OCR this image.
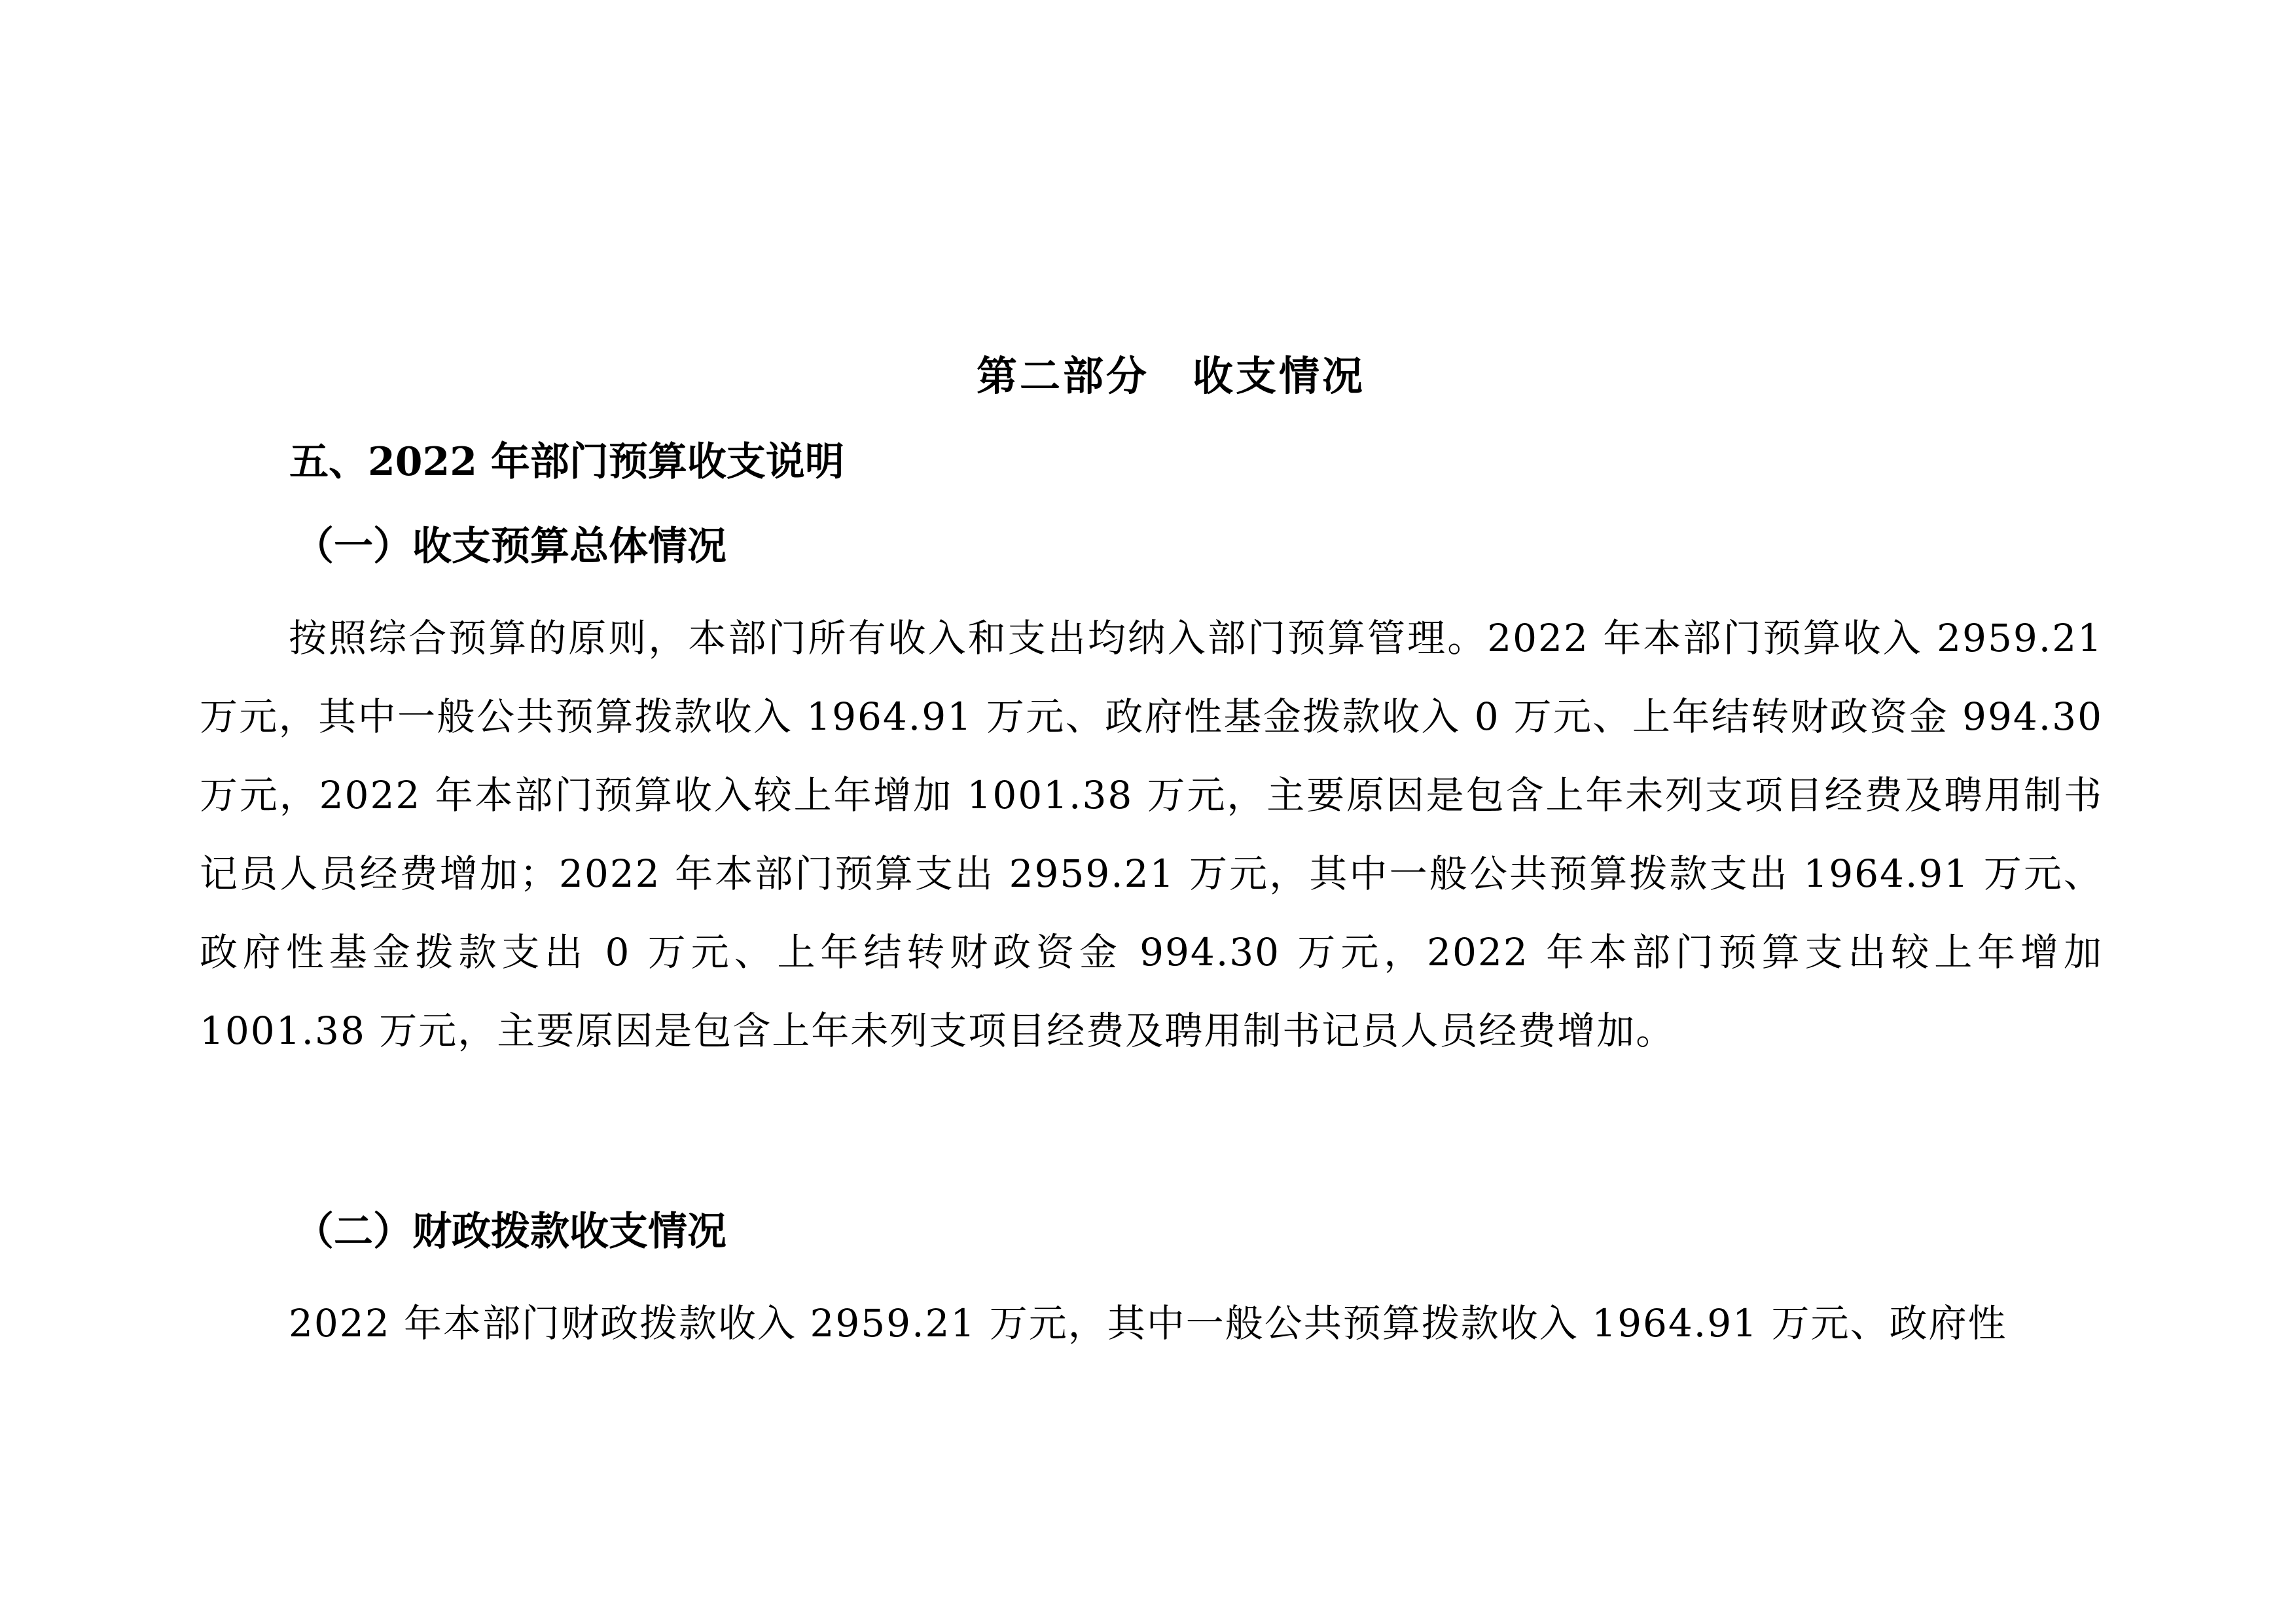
第二部分　收支情况
五、2022 年部门预算收支说明
（一）收支预算总体情况
按照综合预算的原则，本部门所有收入和支出均纳入部门预算管理。2022 年本部门预算收入 2959.21 万元，其中一般公共预算拨款收入 1964.91 万元、政府性基金拨款收入 0 万元、上年结转财政资金 994.30 万元，2022 年本部门预算收入较上年增加 1001.38 万元，主要原因是包含上年未列支项目经费及聘用制书记员人员经费增加；2022 年本部门预算支出 2959.21 万元，其中一般公共预算拨款支出 1964.91 万元、政府性基金拨款支出 0 万元、上年结转财政资金 994.30 万元，2022 年本部门预算支出较上年增加 1001.38 万元，主要原因是包含上年未列支项目经费及聘用制书记员人员经费增加。
（二）财政拨款收支情况
2022 年本部门财政拨款收入 2959.21 万元，其中一般公共预算拨款收入 1964.91 万元、政府性
